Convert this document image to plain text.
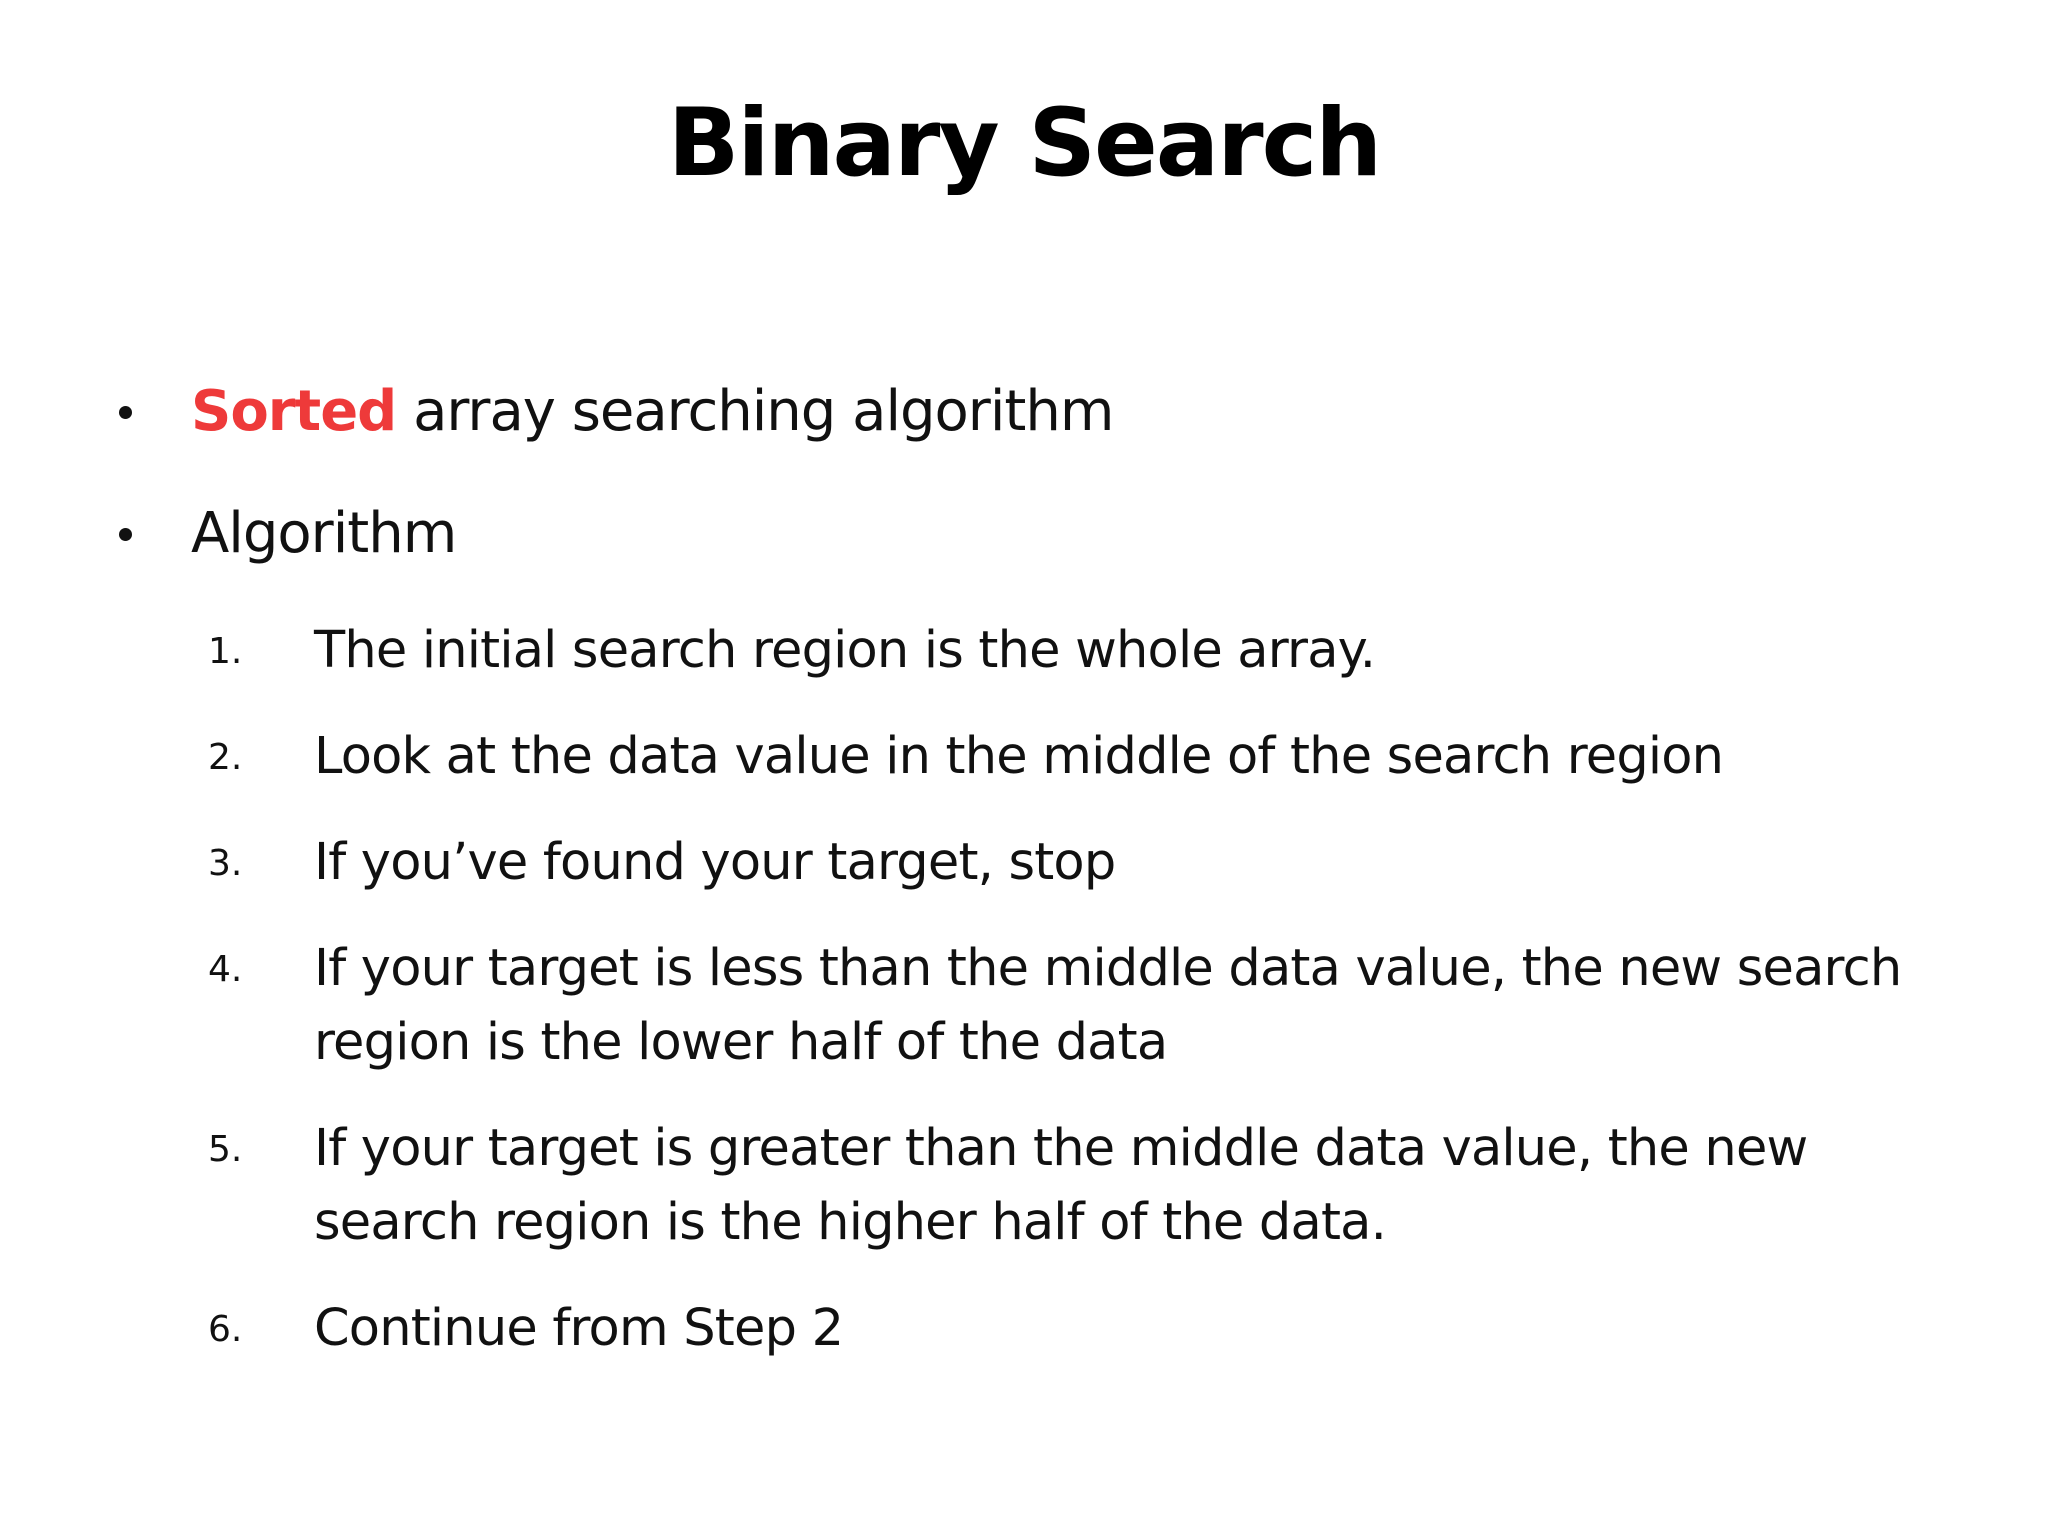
Binary Search
Sorted array searching algorithm
Algorithm
1. The initial search region is the whole array.
2. Look at the data value in the middle of the search region
3. If you’ve found your target, stop
4. If your target is less than the middle data value, the new search region is the lower half of the data
5. If your target is greater than the middle data value, the new search region is the higher half of the data.
6. Continue from Step 2
